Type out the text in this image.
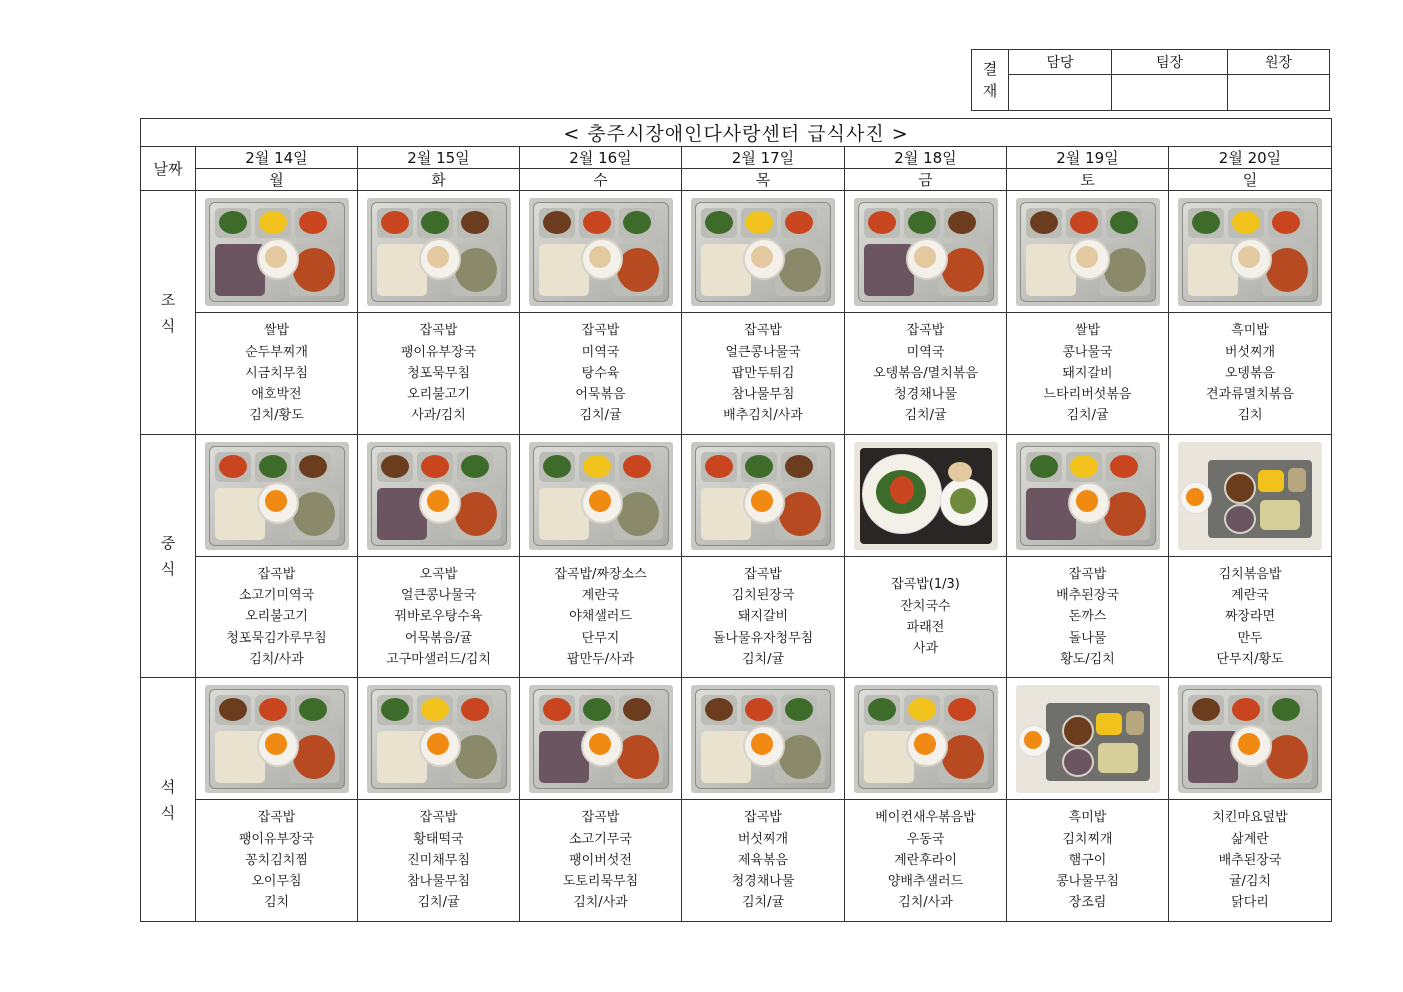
결
재	담당	팀장	원장

< 충주시장애인다사랑센터 급식사진 >							
날짜	2월 14일	2월 15일	2월 16일	2월 17일	2월 18일	2월 19일	2월 20일
	월	화	수	목	금	토	일
조
식	

	쌀밥
순두부찌개
시금치무침
애호박전
김치/황도	잡곡밥
팽이유부장국
청포묵무침
오리불고기
사과/김치	잡곡밥
미역국
탕수육
어묵볶음
김치/귤	잡곡밥
얼큰콩나물국
팝만두튀김
참나물무침
배추김치/사과	잡곡밥
미역국
오뎅볶음/멸치볶음
청경채나물
김치/귤	쌀밥
콩나물국
돼지갈비
느타리버섯볶음
김치/귤	흑미밥
버섯찌개
오뎅볶음
견과류멸치볶음
김치

중
식	

	잡곡밥
소고기미역국
오리불고기
청포묵김가루무침
김치/사과	오곡밥
얼큰콩나물국
꿔바로우탕수육
어묵볶음/귤
고구마샐러드/김치	잡곡밥/짜장소스
계란국
야채샐러드
단무지
팝만두/사과	잡곡밥
김치된장국
돼지갈비
돌나물유자청무침
김치/귤	잡곡밥(1/3)
잔치국수
파래전
사과	잡곡밥
배추된장국
돈까스
돌나물
황도/김치	김치볶음밥
계란국
짜장라면
만두
단무지/황도

석
식	

	잡곡밥
팽이유부장국
꽁치김치찜
오이무침
김치	잡곡밥
황태떡국
진미채무침
참나물무침
김치/귤	잡곡밥
소고기무국
팽이버섯전
도토리묵무침
김치/사과	잡곡밥
버섯찌개
제육볶음
청경채나물
김치/귤	베이컨새우볶음밥
우동국
계란후라이
양배추샐러드
김치/사과	흑미밥
김치찌개
햄구이
콩나물무침
장조림	치킨마요덮밥
삶계란
배추된장국
귤/김치
닭다리
